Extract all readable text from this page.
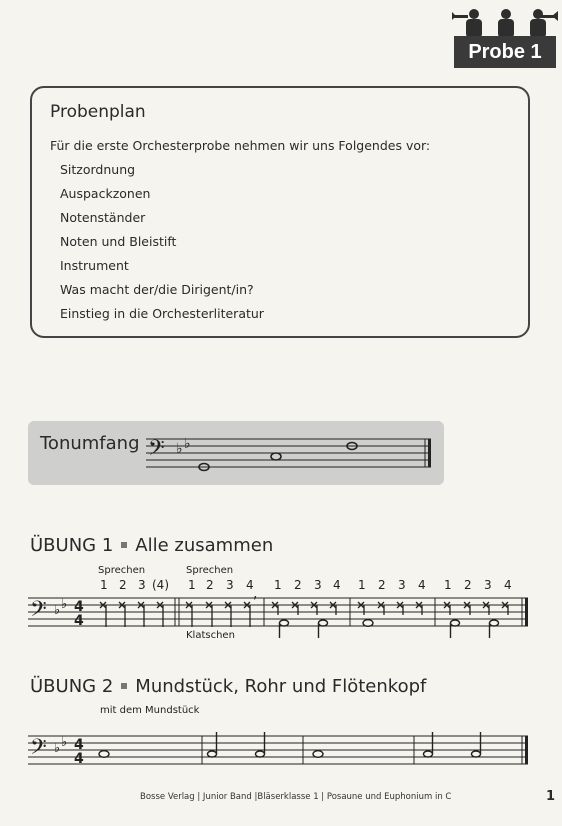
Probe 1
Probenplan
Für die erste Orchesterprobe nehmen wir uns Folgendes vor:
Sitzordnung
Auspackzonen
Notenständer
Noten und Bleistift
Instrument
Was macht der/die Dirigent/in?
Einstieg in die Orchesterliteratur
Tonumfang 𝄢 ♭ ♭
ÜBUNG 1 Alle zusammen
Sprechen	Sprechen
1 2 3 (4) 1 2 3 4 1 2 3 4 1 2 3 4 1 2 3 4
𝄢 ♭ ♭ 4
4
,
Klatschen
ÜBUNG 2 Mundstück, Rohr und Flötenkopf
mit dem Mundstück
𝄢 ♭ ♭ 4
4
Bosse Verlag | Junior Band |Bläserklasse 1 | Posaune und Euphonium in C	1
